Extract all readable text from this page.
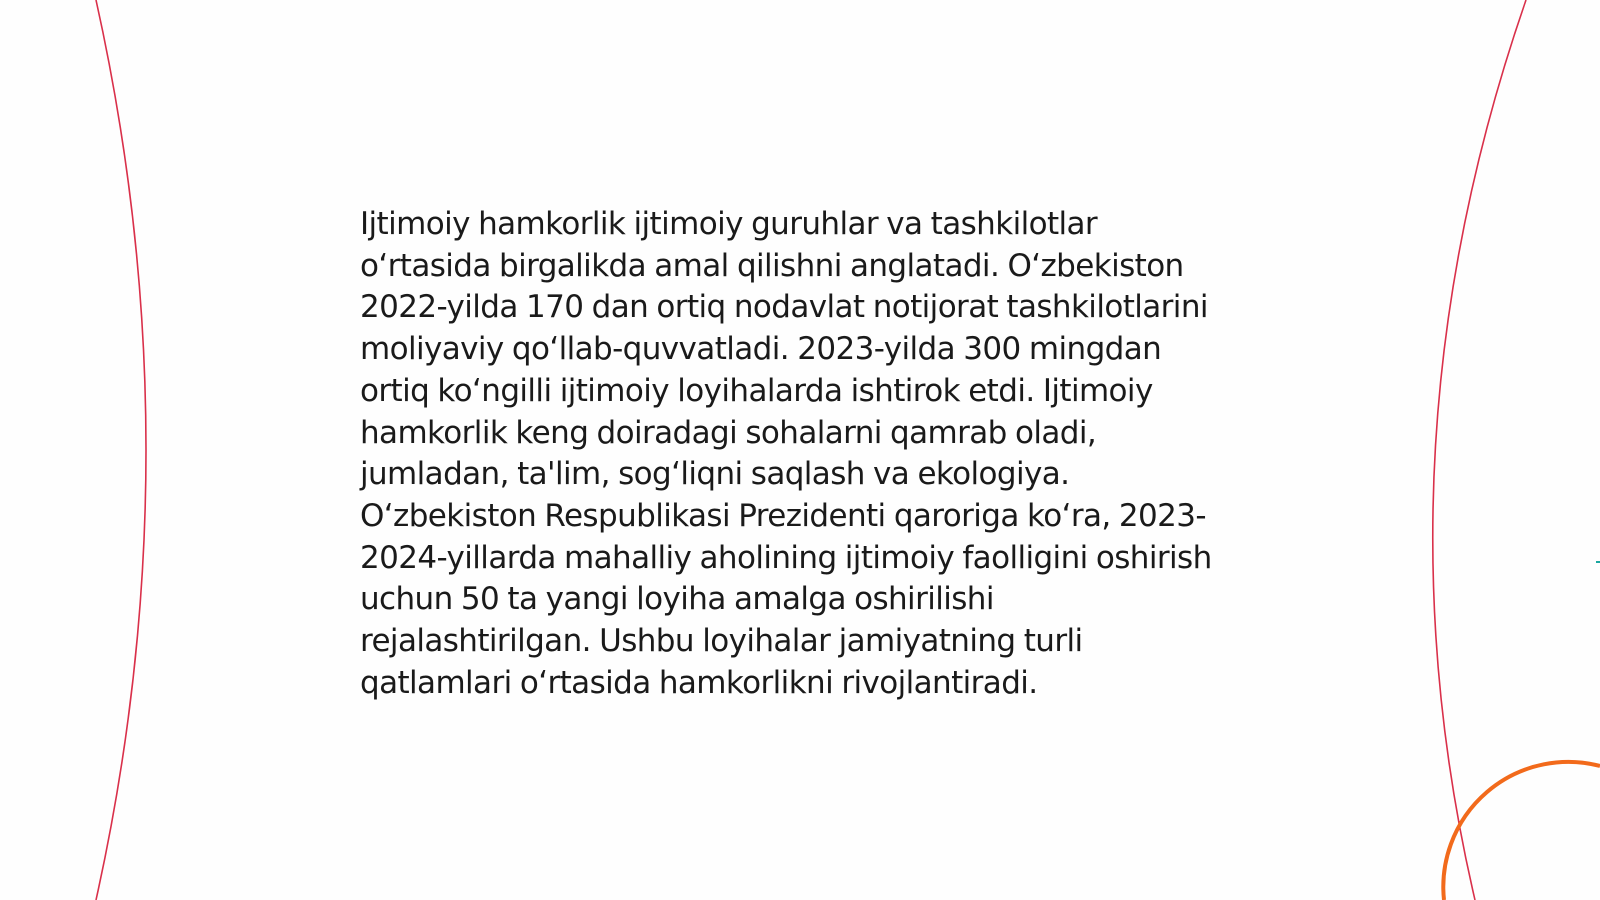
Ijtimoiy hamkorlik ijtimoiy guruhlar va tashkilotlar o‘rtasida birgalikda amal qilishni anglatadi. O‘zbekiston 2022-yilda 170 dan ortiq nodavlat notijorat tashkilotlarini moliyaviy qo‘llab-quvvatladi. 2023-yilda 300 mingdan ortiq ko‘ngilli ijtimoiy loyihalarda ishtirok etdi. Ijtimoiy hamkorlik keng doiradagi sohalarni qamrab oladi, jumladan, ta'lim, sog‘liqni saqlash va ekologiya. O‘zbekiston Respublikasi Prezidenti qaroriga ko‘ra, 2023-2024-yillarda mahalliy aholining ijtimoiy faolligini oshirish uchun 50 ta yangi loyiha amalga oshirilishi rejalashtirilgan. Ushbu loyihalar jamiyatning turli qatlamlari o‘rtasida hamkorlikni rivojlantiradi.
